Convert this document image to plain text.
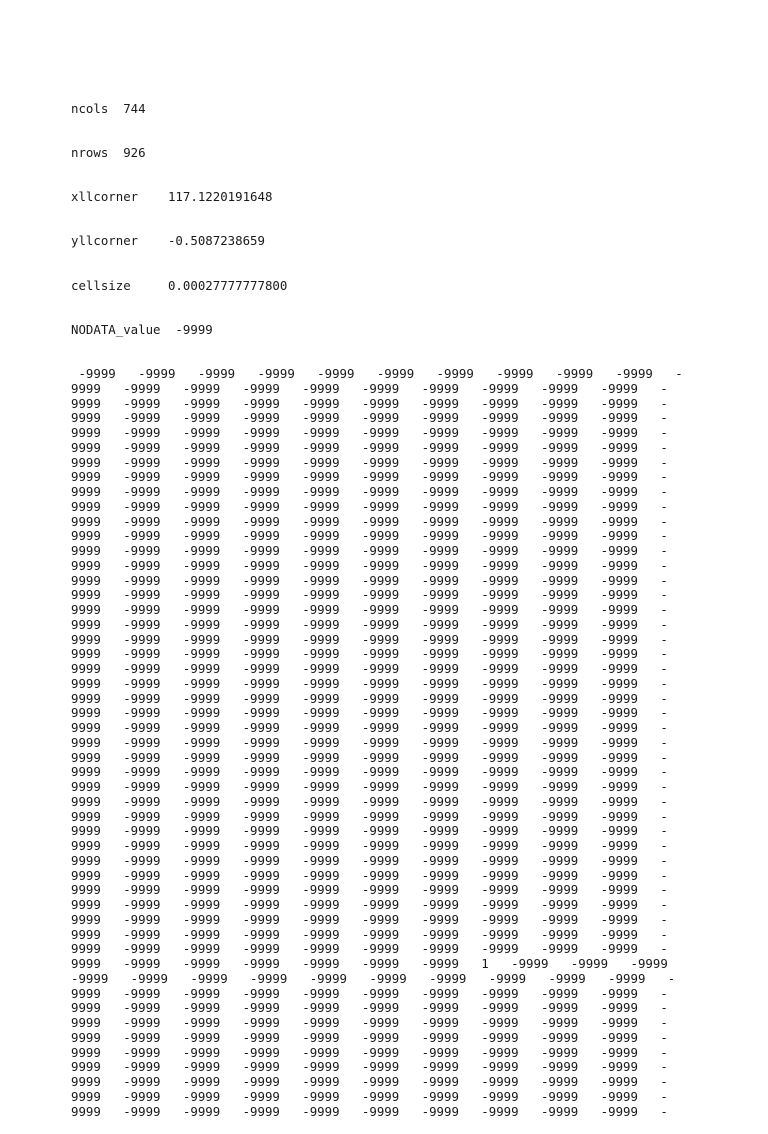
ncols  744

nrows  926

xllcorner    117.1220191648

yllcorner    -0.5087238659

cellsize     0.00027777777800

NODATA_value  -9999

-9999   -9999   -9999   -9999   -9999   -9999   -9999   -9999   -9999   -9999   -
9999   -9999   -9999   -9999   -9999   -9999   -9999   -9999   -9999   -9999   -
9999   -9999   -9999   -9999   -9999   -9999   -9999   -9999   -9999   -9999   -
9999   -9999   -9999   -9999   -9999   -9999   -9999   -9999   -9999   -9999   -
9999   -9999   -9999   -9999   -9999   -9999   -9999   -9999   -9999   -9999   -
9999   -9999   -9999   -9999   -9999   -9999   -9999   -9999   -9999   -9999   -
9999   -9999   -9999   -9999   -9999   -9999   -9999   -9999   -9999   -9999   -
9999   -9999   -9999   -9999   -9999   -9999   -9999   -9999   -9999   -9999   -
9999   -9999   -9999   -9999   -9999   -9999   -9999   -9999   -9999   -9999   -
9999   -9999   -9999   -9999   -9999   -9999   -9999   -9999   -9999   -9999   -
9999   -9999   -9999   -9999   -9999   -9999   -9999   -9999   -9999   -9999   -
9999   -9999   -9999   -9999   -9999   -9999   -9999   -9999   -9999   -9999   -
9999   -9999   -9999   -9999   -9999   -9999   -9999   -9999   -9999   -9999   -
9999   -9999   -9999   -9999   -9999   -9999   -9999   -9999   -9999   -9999   -
9999   -9999   -9999   -9999   -9999   -9999   -9999   -9999   -9999   -9999   -
9999   -9999   -9999   -9999   -9999   -9999   -9999   -9999   -9999   -9999   -
9999   -9999   -9999   -9999   -9999   -9999   -9999   -9999   -9999   -9999   -
9999   -9999   -9999   -9999   -9999   -9999   -9999   -9999   -9999   -9999   -
9999   -9999   -9999   -9999   -9999   -9999   -9999   -9999   -9999   -9999   -
9999   -9999   -9999   -9999   -9999   -9999   -9999   -9999   -9999   -9999   -
9999   -9999   -9999   -9999   -9999   -9999   -9999   -9999   -9999   -9999   -
9999   -9999   -9999   -9999   -9999   -9999   -9999   -9999   -9999   -9999   -
9999   -9999   -9999   -9999   -9999   -9999   -9999   -9999   -9999   -9999   -
9999   -9999   -9999   -9999   -9999   -9999   -9999   -9999   -9999   -9999   -
9999   -9999   -9999   -9999   -9999   -9999   -9999   -9999   -9999   -9999   -
9999   -9999   -9999   -9999   -9999   -9999   -9999   -9999   -9999   -9999   -
9999   -9999   -9999   -9999   -9999   -9999   -9999   -9999   -9999   -9999   -
9999   -9999   -9999   -9999   -9999   -9999   -9999   -9999   -9999   -9999   -
9999   -9999   -9999   -9999   -9999   -9999   -9999   -9999   -9999   -9999   -
9999   -9999   -9999   -9999   -9999   -9999   -9999   -9999   -9999   -9999   -
9999   -9999   -9999   -9999   -9999   -9999   -9999   -9999   -9999   -9999   -
9999   -9999   -9999   -9999   -9999   -9999   -9999   -9999   -9999   -9999   -
9999   -9999   -9999   -9999   -9999   -9999   -9999   -9999   -9999   -9999   -
9999   -9999   -9999   -9999   -9999   -9999   -9999   -9999   -9999   -9999   -
9999   -9999   -9999   -9999   -9999   -9999   -9999   -9999   -9999   -9999   -
9999   -9999   -9999   -9999   -9999   -9999   -9999   -9999   -9999   -9999   -
9999   -9999   -9999   -9999   -9999   -9999   -9999   -9999   -9999   -9999   -
9999   -9999   -9999   -9999   -9999   -9999   -9999   -9999   -9999   -9999   -
9999   -9999   -9999   -9999   -9999   -9999   -9999   -9999   -9999   -9999   -
9999   -9999   -9999   -9999   -9999   -9999   -9999   -9999   -9999   -9999   -
9999   -9999   -9999   -9999   -9999   -9999   -9999   1   -9999   -9999   -9999
-9999   -9999   -9999   -9999   -9999   -9999   -9999   -9999   -9999   -9999   -
9999   -9999   -9999   -9999   -9999   -9999   -9999   -9999   -9999   -9999   -
9999   -9999   -9999   -9999   -9999   -9999   -9999   -9999   -9999   -9999   -
9999   -9999   -9999   -9999   -9999   -9999   -9999   -9999   -9999   -9999   -
9999   -9999   -9999   -9999   -9999   -9999   -9999   -9999   -9999   -9999   -
9999   -9999   -9999   -9999   -9999   -9999   -9999   -9999   -9999   -9999   -
9999   -9999   -9999   -9999   -9999   -9999   -9999   -9999   -9999   -9999   -
9999   -9999   -9999   -9999   -9999   -9999   -9999   -9999   -9999   -9999   -
9999   -9999   -9999   -9999   -9999   -9999   -9999   -9999   -9999   -9999   -
9999   -9999   -9999   -9999   -9999   -9999   -9999   -9999   -9999   -9999   -
